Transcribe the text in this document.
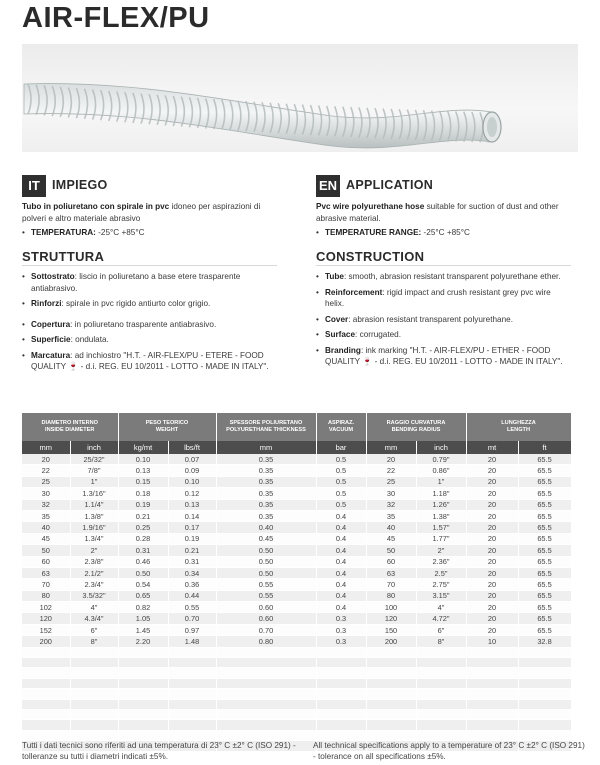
AIR-FLEX/PU
IT IMPIEGO

Tubo in poliuretano con spirale in pvc idoneo per aspirazioni di polveri e altro materiale abrasivo

• TEMPERATURA: -25°C +85°C
STRUTTURA
• Sottostrato: liscio in poliuretano a base etere trasparente antiabrasivo.
• Rinforzi: spirale in pvc rigido antiurto color grigio.
• Copertura: in poliuretano trasparente antiabrasivo.
• Superficie: ondulata.
• Marcatura: ad inchiostro "H.T. - AIR-FLEX/PU - ETERE - FOOD QUALITY 🍷 - d.i. REG. EU 10/2011 - LOTTO - MADE IN ITALY".
EN APPLICATION

Pvc wire polyurethane hose suitable for suction of dust and other abrasive material.

• TEMPERATURE RANGE: -25°C +85°C
CONSTRUCTION
• Tube: smooth, abrasion resistant transparent polyurethane ether.
• Reinforcement: rigid impact and crush resistant grey pvc wire helix.
• Cover: abrasion resistant transparent polyurethane.
• Surface: corrugated.
• Branding: ink marking "H.T. - AIR-FLEX/PU - ETHER - FOOD QUALITY 🍷 - d.i. REG. EU 10/2011 - LOTTO - MADE IN ITALY".
DIAMETRO INTERNO
INSIDE DIAMETER		PESO TEORICO
WEIGHT		SPESSORE POLIURETANO
POLYURETHANE THICKNESS	ASPIRAZ.
VACUUM	RAGGIO CURVATURA
BENDING RADIUS		LUNGHEZZA
LENGTH	
mm	inch	kg/mt	lbs/ft	mm	bar	mm	inch	mt	ft
20	25/32"	0.10	0.07	0.35	0.5	20	0.79"	20	65.5
22	7/8"	0.13	0.09	0.35	0.5	22	0.86"	20	65.5
25	1"	0.15	0.10	0.35	0.5	25	1"	20	65.5
30	1.3/16"	0.18	0.12	0.35	0.5	30	1.18"	20	65.5
32	1.1/4"	0.19	0.13	0.35	0.5	32	1.26"	20	65.5
35	1.3/8"	0.21	0.14	0.35	0.4	35	1.38"	20	65.5
40	1.9/16"	0.25	0.17	0.40	0.4	40	1.57"	20	65.5
45	1.3/4"	0.28	0.19	0.45	0.4	45	1.77"	20	65.5
50	2"	0.31	0.21	0.50	0.4	50	2"	20	65.5
60	2.3/8"	0.46	0.31	0.50	0.4	60	2.36"	20	65.5
63	2.1/2"	0.50	0.34	0.50	0.4	63	2.5"	20	65.5
70	2.3/4"	0.54	0.36	0.55	0.4	70	2.75"	20	65.5
80	3.5/32"	0.65	0.44	0.55	0.4	80	3.15"	20	65.5
102	4"	0.82	0.55	0.60	0.4	100	4"	20	65.5
120	4.3/4"	1.05	0.70	0.60	0.3	120	4.72"	20	65.5
152	6"	1.45	0.97	0.70	0.3	150	6"	20	65.5
200	8"	2.20	1.48	0.80	0.3	200	8"	10	32.8

Tutti i dati tecnici sono riferiti ad una temperatura di 23° C ±2° C (ISO 291) - tolleranze su tutti i diametri indicati ±5%.
All technical specifications apply to a temperature of 23° C ±2° C (ISO 291) - tolerance on all specifications ±5%.
